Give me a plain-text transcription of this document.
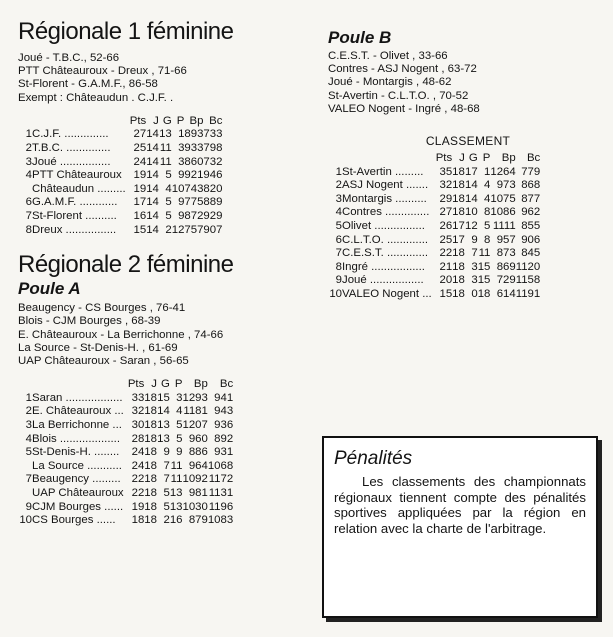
Régionale 1 féminine
Joué - T.B.C., 52-66
PTT Châteauroux - Dreux , 71-66
St-Florent - G.A.M.F., 86-58
Exempt : Châteaudun . C.J.F. .
		Pts	J	G	P	Bp	Bc
1	C.J.F. ..............	27	14	13	1	893	733
2	T.B.C. ..............	25	14	11	3	933	798
3	Joué ................	24	14	11	3	860	732
4	PTT Châteauroux	19	14	5	9	921	946
	Châteaudun .........	19	14	4	10	743	820
6	G.A.M.F. ............	17	14	5	9	775	889
7	St-Florent ..........	16	14	5	9	872	929
8	Dreux ................	15	14	2	12	757	907
Régionale 2 féminine
Poule A
Beaugency - CS Bourges , 76-41
Blois - CJM Bourges , 68-39
E. Châteauroux - La Berrichonne , 74-66
La Source - St-Denis-H. , 61-69
UAP Châteauroux - Saran , 56-65
		Pts	J	G	P	Bp	Bc
1	Saran ..................	33	18	15	3	1293	941
2	E. Châteauroux ...	32	18	14	4	1181	943
3	La Berrichonne ...	30	18	13	5	1207	936
4	Blois ...................	28	18	13	5	960	892
5	St-Denis-H. ........	24	18	9	9	886	931
	La Source ...........	24	18	7	11	964	1068
7	Beaugency .........	22	18	7	11	1092	1172
	UAP Châteauroux	22	18	5	13	981	1131
9	CJM Bourges ......	19	18	5	13	1030	1196
10	CS Bourges ......	18	18	2	16	879	1083
Poule B
C.E.S.T. - Olivet , 33-66
Contres - ASJ Nogent , 63-72
Joué - Montargis , 48-62
St-Avertin - C.L.T.O. , 70-52
VALEO Nogent - Ingré , 48-68
CLASSEMENT
		Pts	J	G	P	Bp	Bc
1	St-Avertin .........	35	18	17	1	1264	779
2	ASJ Nogent .......	32	18	14	4	973	868
3	Montargis ..........	29	18	14	4	1075	877
4	Contres ..............	27	18	10	8	1086	962
5	Olivet ................	26	17	12	5	1111	855
6	C.L.T.O. .............	25	17	9	8	957	906
7	C.E.S.T. .............	22	18	7	11	873	845
8	Ingré .................	21	18	3	15	869	1120
9	Joué .................	20	18	3	15	729	1158
10	VALEO Nogent ...	15	18	0	18	614	1191
Pénalités
Les classements des championnats régionaux tiennent compte des pénalités sportives appliquées par la région en relation avec la charte de l'arbitrage.
